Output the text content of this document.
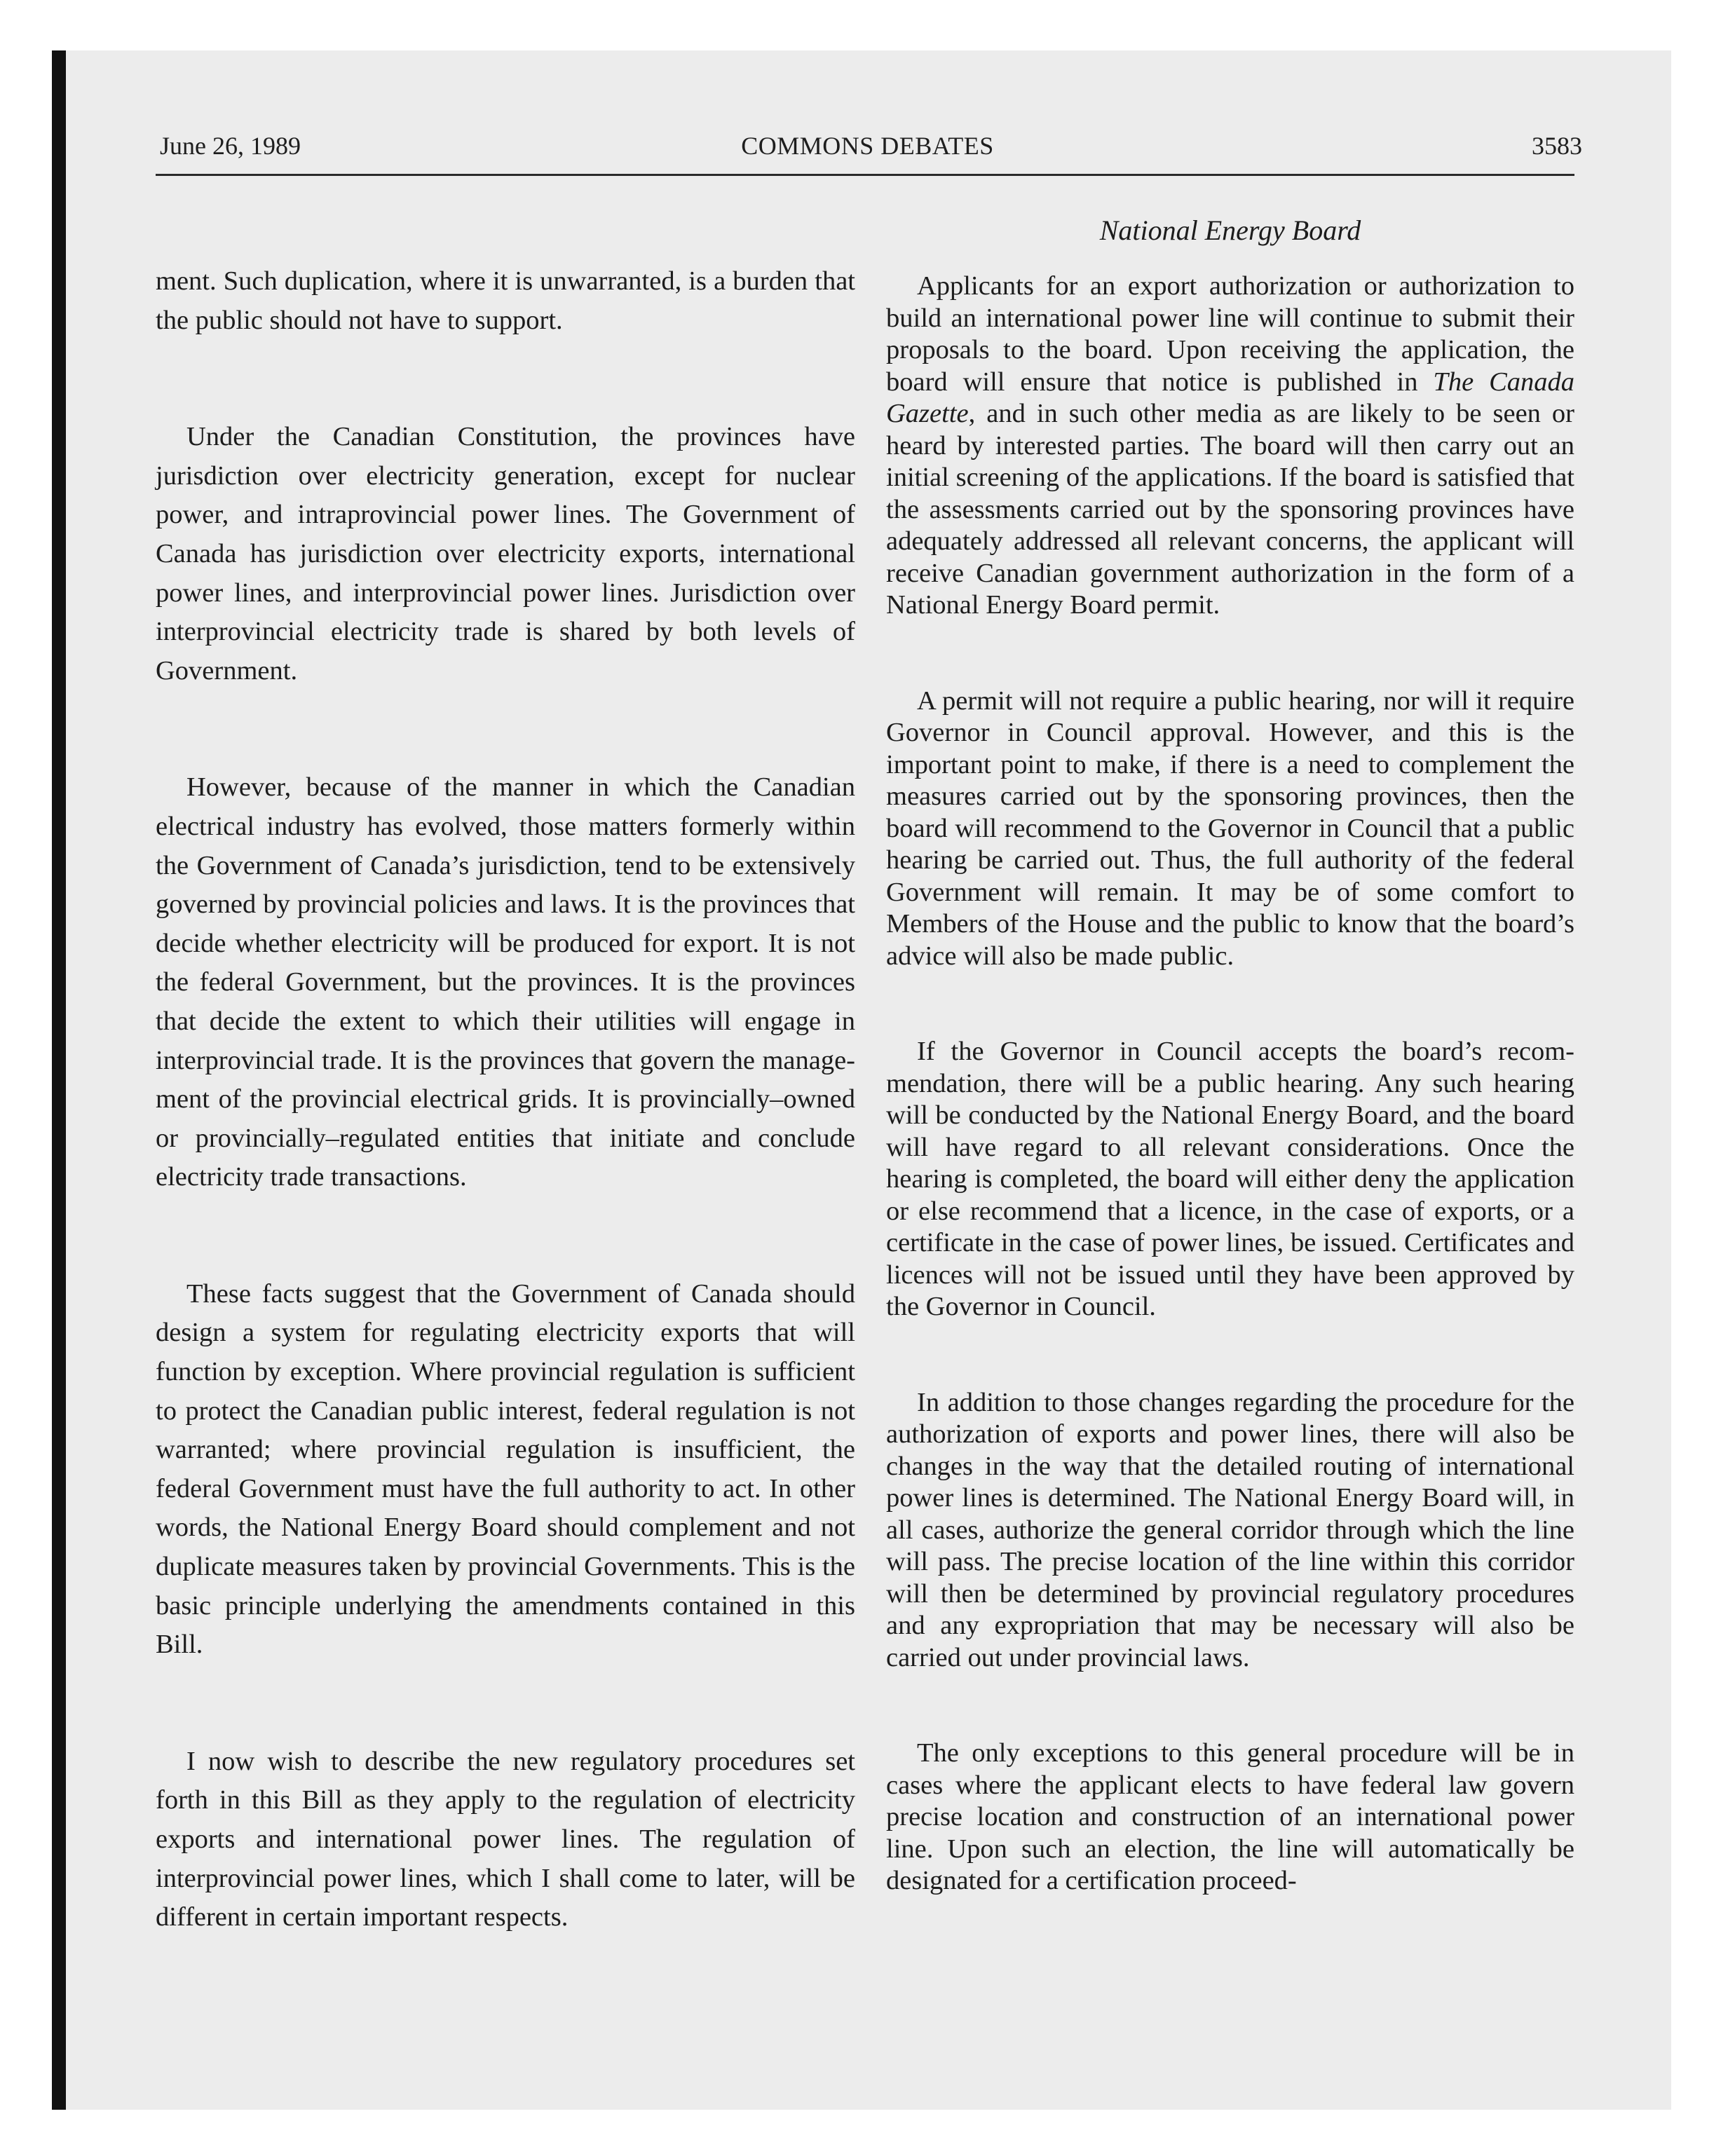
June 26, 1989	COMMONS DEBATES	3583

ment. Such duplication, where it is unwarranted, is a burden that the public should not have to support.

Under the Canadian Constitution, the provinces have jurisdiction over electricity generation, except for nuclear power, and intraprovincial power lines. The Government of Canada has jurisdiction over electricity exports, international power lines, and interprovincial power lines. Jurisdiction over interprovincial electricity trade is shared by both levels of Government.

However, because of the manner in which the Canadian electrical industry has evolved, those matters formerly within the Government of Canada’s jurisdiction, tend to be extensively governed by provincial policies and laws. It is the provinces that decide whether electricity will be produced for export. It is not the federal Government, but the provinces. It is the provinces that decide the extent to which their utilities will engage in interprovincial trade. It is the provinces that govern the management of the provincial electrical grids. It is provincially–owned or provincially–regulated entities that initiate and conclude electricity trade transactions.

These facts suggest that the Government of Canada should design a system for regulating electricity exports that will function by exception. Where provincial regulation is sufficient to protect the Canadian public interest, federal regulation is not warranted; where provincial regulation is insufficient, the federal Government must have the full authority to act. In other words, the National Energy Board should complement and not duplicate measures taken by provincial Governments. This is the basic principle underlying the amendments contained in this Bill.

I now wish to describe the new regulatory procedures set forth in this Bill as they apply to the regulation of electricity exports and international power lines. The regulation of interprovincial power lines, which I shall come to later, will be different in certain important respects.

National Energy Board

Applicants for an export authorization or authorization to build an international power line will continue to submit their proposals to the board. Upon receiving the application, the board will ensure that notice is published in The Canada Gazette, and in such other media as are likely to be seen or heard by interested parties. The board will then carry out an initial screening of the applications. If the board is satisfied that the assessments carried out by the sponsoring provinces have adequately addressed all relevant concerns, the applicant will receive Canadian government authorization in the form of a National Energy Board permit.

A permit will not require a public hearing, nor will it require Governor in Council approval. However, and this is the important point to make, if there is a need to complement the measures carried out by the sponsoring provinces, then the board will recommend to the Governor in Council that a public hearing be carried out. Thus, the full authority of the federal Government will remain. It may be of some comfort to Members of the House and the public to know that the board’s advice will also be made public.

If the Governor in Council accepts the board’s recommendation, there will be a public hearing. Any such hearing will be conducted by the National Energy Board, and the board will have regard to all relevant considerations. Once the hearing is completed, the board will either deny the application or else recommend that a licence, in the case of exports, or a certificate in the case of power lines, be issued. Certificates and licences will not be issued until they have been approved by the Governor in Council.

In addition to those changes regarding the procedure for the authorization of exports and power lines, there will also be changes in the way that the detailed routing of international power lines is determined. The National Energy Board will, in all cases, authorize the general corridor through which the line will pass. The precise location of the line within this corridor will then be determined by provincial regulatory procedures and any expropriation that may be necessary will also be carried out under provincial laws.

The only exceptions to this general procedure will be in cases where the applicant elects to have federal law govern precise location and construction of an international power line. Upon such an election, the line will automatically be designated for a certification proceed-
